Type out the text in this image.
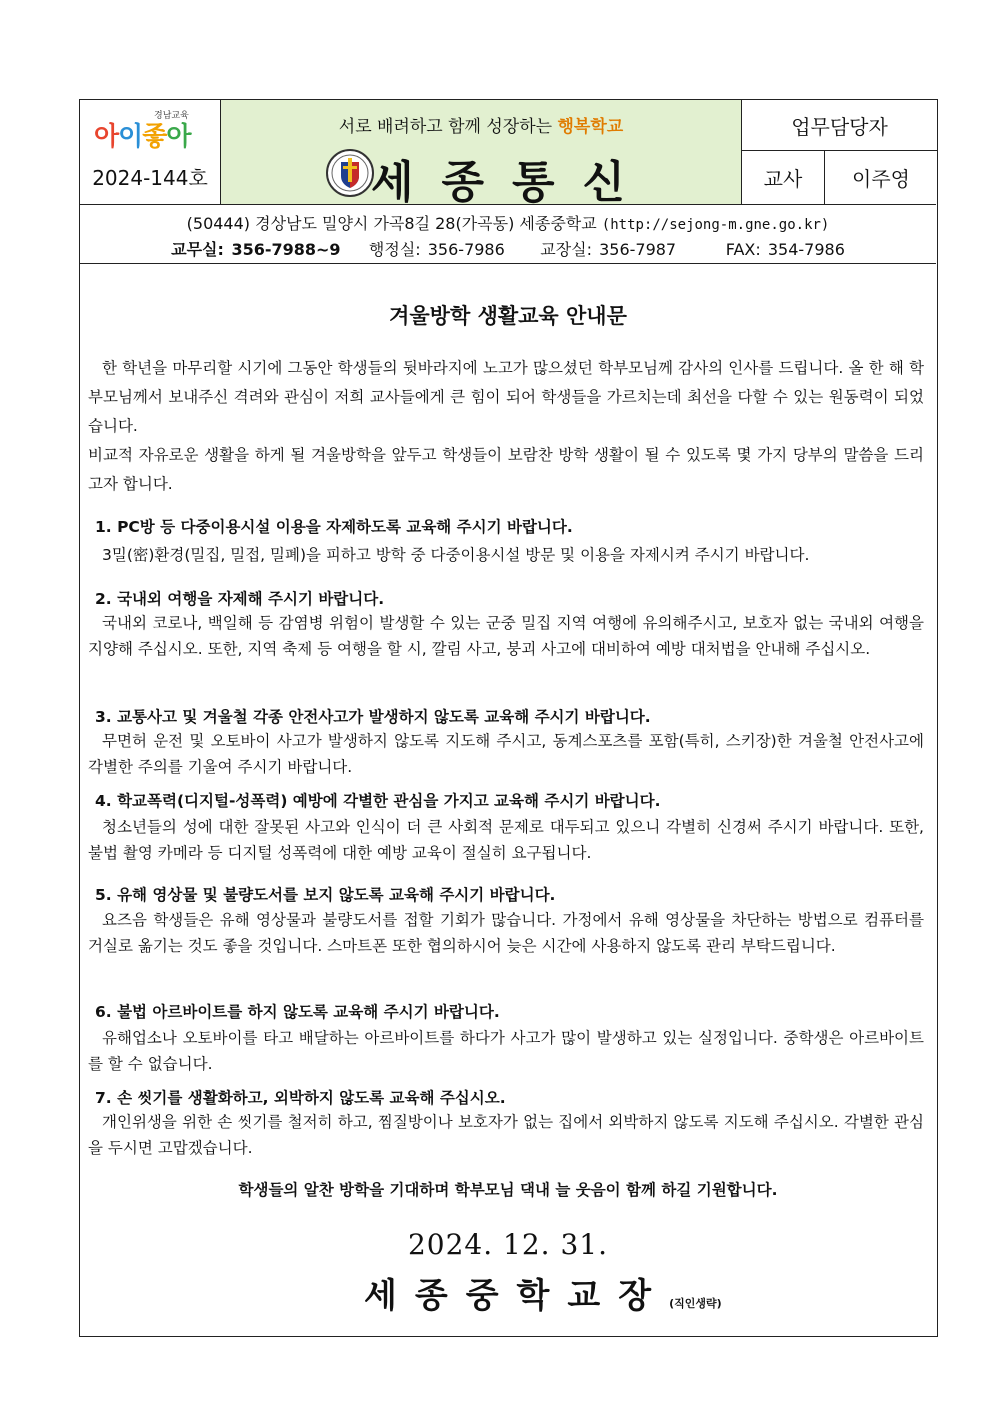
경남교육
아이좋아
2024-144호
서로 배려하고 함께 성장하는 행복학교
세종통신
업무담당자
교사	이주영
(50444) 경상남도 밀양시 가곡8길 28(가곡동) 세종중학교 (http://sejong-m.gne.go.kr)
교무실: 356-7988~9 행정실: 356-7986 교장실: 356-7987	FAX: 354-7986
겨울방학 생활교육 안내문
한 학년을 마무리할 시기에 그동안 학생들의 뒷바라지에 노고가 많으셨던 학부모님께 감사의 인사를 드립니다. 올 한 해 학부모님께서 보내주신 격려와 관심이 저희 교사들에게 큰 힘이 되어 학생들을 가르치는데 최선을 다할 수 있는 원동력이 되었습니다.
비교적 자유로운 생활을 하게 될 겨울방학을 앞두고 학생들이 보람찬 방학 생활이 될 수 있도록 몇 가지 당부의 말씀을 드리고자 합니다.
1. PC방 등 다중이용시설 이용을 자제하도록 교육해 주시기 바랍니다.
3밀(密)환경(밀집, 밀접, 밀폐)을 피하고 방학 중 다중이용시설 방문 및 이용을 자제시켜 주시기 바랍니다.
2. 국내외 여행을 자제해 주시기 바랍니다.
국내외 코로나, 백일해 등 감염병 위험이 발생할 수 있는 군중 밀집 지역 여행에 유의해주시고, 보호자 없는 국내외 여행을 지양해 주십시오. 또한, 지역 축제 등 여행을 할 시, 깔림 사고, 붕괴 사고에 대비하여 예방 대처법을 안내해 주십시오.
3. 교통사고 및 겨울철 각종 안전사고가 발생하지 않도록 교육해 주시기 바랍니다.
무면허 운전 및 오토바이 사고가 발생하지 않도록 지도해 주시고, 동계스포츠를 포함(특히, 스키장)한 겨울철 안전사고에 각별한 주의를 기울여 주시기 바랍니다.
4. 학교폭력(디지털-성폭력) 예방에 각별한 관심을 가지고 교육해 주시기 바랍니다.
청소년들의 성에 대한 잘못된 사고와 인식이 더 큰 사회적 문제로 대두되고 있으니 각별히 신경써 주시기 바랍니다. 또한, 불법 촬영 카메라 등 디지털 성폭력에 대한 예방 교육이 절실히 요구됩니다.
5. 유해 영상물 및 불량도서를 보지 않도록 교육해 주시기 바랍니다.
요즈음 학생들은 유해 영상물과 불량도서를 접할 기회가 많습니다. 가정에서 유해 영상물을 차단하는 방법으로 컴퓨터를 거실로 옮기는 것도 좋을 것입니다. 스마트폰 또한 협의하시어 늦은 시간에 사용하지 않도록 관리 부탁드립니다.
6. 불법 아르바이트를 하지 않도록 교육해 주시기 바랍니다.
유해업소나 오토바이를 타고 배달하는 아르바이트를 하다가 사고가 많이 발생하고 있는 실정입니다. 중학생은 아르바이트를 할 수 없습니다.
7. 손 씻기를 생활화하고, 외박하지 않도록 교육해 주십시오.
개인위생을 위한 손 씻기를 철저히 하고, 찜질방이나 보호자가 없는 집에서 외박하지 않도록 지도해 주십시오. 각별한 관심을 두시면 고맙겠습니다.
학생들의 알찬 방학을 기대하며 학부모님 댁내 늘 웃음이 함께 하길 기원합니다.
2024. 12. 31.
세종중학교장(직인생략)
